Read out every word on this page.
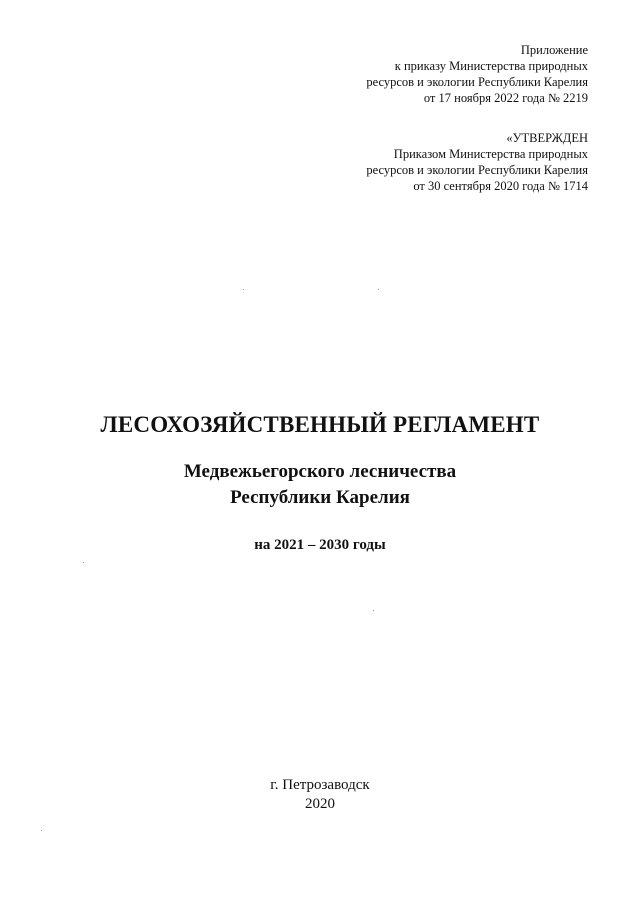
Приложение
к приказу Министерства природных
ресурсов и экологии Республики Карелия
от 17 ноября 2022 года № 2219
«УТВЕРЖДЕН
Приказом Министерства природных
ресурсов и экологии Республики Карелия
от 30 сентября 2020 года № 1714
ЛЕСОХОЗЯЙСТВЕННЫЙ РЕГЛАМЕНТ
Медвежьегорского лесничества
Республики Карелия
на 2021 – 2030 годы
г. Петрозаводск
2020
